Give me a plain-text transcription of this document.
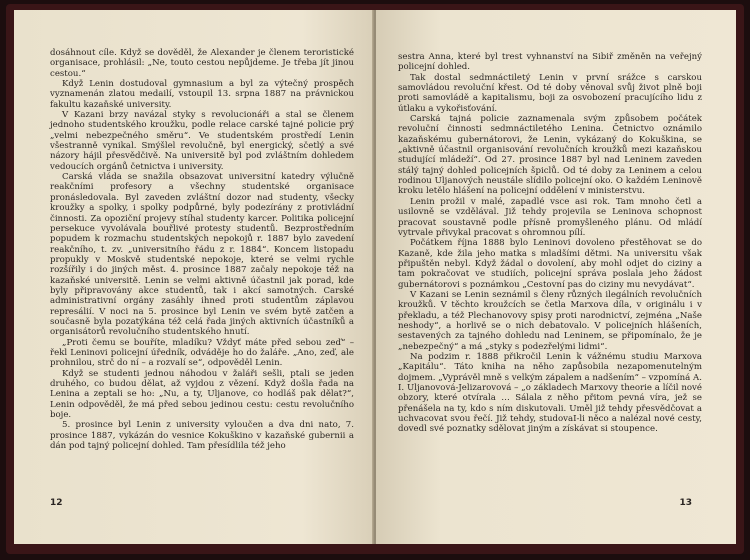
dosáhnout cíle. Když se dověděl, že Alexander je členem teroristické organisace, prohlásil: „Ne, touto cestou nepůjdeme. Je třeba jít jinou cestou.“

Když Lenin dostudoval gymnasium a byl za výtečný prospěch vyznamenán zlatou medailí, vstoupil 13. srpna 1887 na právnickou fakultu kazaňské university.

V Kazani brzy navázal styky s revolucionáři a stal se členem jednoho studentského kroužku, podle relace carské tajné policie prý „velmi nebezpečného směru“. Ve studentském prostředí Lenin všestranně vynikal. Smýšlel revolučně, byl energický, sčetlý a své názory hájil přesvědčivě. Na universitě byl pod zvláštním dohledem vedoucích orgánů četnictva i university.

Carská vláda se snažila obsazovat universitní katedry výlučně reakčními profesory a všechny studentské organisace pronásledovala. Byl zaveden zvláštní dozor nad studenty, všecky kroužky a spolky, i spolky podpůrné, byly podezírány z protivládní činnosti. Za opoziční projevy stíhal studenty karcer. Politika policejní persekuce vyvolávala bouřlivé protesty studentů. Bezprostředním popudem k rozmachu studentských nepokojů r. 1887 bylo zavedení reakčního, t. zv. „universitního řádu z r. 1884“. Koncem listopadu propukly v Moskvě studentské nepokoje, které se velmi rychle rozšířily i do jiných měst. 4. prosince 1887 začaly nepokoje též na kazaňské universitě. Lenin se velmi aktivně účastnil jak porad, kde byly připravovány akce studentů, tak i akcí samotných. Carské administrativní orgány zasáhly ihned proti studentům záplavou represálií. V noci na 5. prosince byl Lenin ve svém bytě zatčen a současně byla pozatýkána též celá řada jiných aktivních účastníků a organisátorů revolučního studentského hnutí.

„Proti čemu se bouříte, mladíku? Vždyť máte před sebou zeď“ – řekl Leninovi policejní úředník, odváděje ho do žaláře. „Ano, zeď, ale prohnilou, strč do ní – a rozvalí se“, odpověděl Lenin.

Když se studenti jednou náhodou v žaláři sešli, ptali se jeden druhého, co budou dělat, až vyjdou z vězení. Když došla řada na Lenina a zeptali se ho: „Nu, a ty, Uljanove, co hodláš pak dělat?“, Lenin odpověděl, že má před sebou jedinou cestu: cestu revolučního boje.

5. prosince byl Lenin z university vyloučen a dva dni nato, 7. prosince 1887, vykázán do vesnice Kokuškino v kazaňské gubernii a dán pod tajný policejní dohled. Tam přesídlila též jeho

12

sestra Anna, které byl trest vyhnanství na Sibiř změněn na veřejný policejní dohled.

Tak dostal sedmnáctiletý Lenin v první srážce s carskou samovládou revoluční křest. Od té doby věnoval svůj život plně boji proti samovládě a kapitalismu, boji za osvobození pracujícího lidu z útlaku a vykořisťování.

Carská tajná policie zaznamenala svým způsobem počátek revoluční činnosti sedmnáctiletého Lenina. Četnictvo oznámilo kazaňskému gubernátorovi, že Lenin, vykázaný do Kokuškina, se „aktivně účastnil organisování revolučních kroužků mezi kazaňskou studující mládeží“. Od 27. prosince 1887 byl nad Leninem zaveden stálý tajný dohled policejních špiclů. Od té doby za Leninem a celou rodinou Uljanových neustále slídilo policejní oko. O každém Leninově kroku letělo hlášení na policejní oddělení v ministerstvu.

Lenin prožil v malé, zapadlé vsce asi rok. Tam mnoho četl a usilovně se vzdělával. Již tehdy projevila se Leninova schopnost pracovat soustavně podle přísně promyšleného plánu. Od mládí vytrvale přivykal pracovat s ohromnou pílí.

Počátkem října 1888 bylo Leninovi dovoleno přestěhovat se do Kazaně, kde žila jeho matka s mladšími dětmi. Na universitu však připuštěn nebyl. Když žádal o dovolení, aby mohl odjet do ciziny a tam pokračovat ve studiích, policejní správa poslala jeho žádost gubernátorovi s poznámkou „Cestovní pas do ciziny mu nevydávat“.

V Kazani se Lenin seznámil s členy různých ilegálních revolučních kroužků. V těchto kroužcích se četla Marxova díla, v originálu i v překladu, a též Plechanovovy spisy proti narodnictví, zejména „Naše neshody“, a horlivě se o nich debatovalo. V policejních hlášeních, sestavených za tajného dohledu nad Leninem, se připomínalo, že je „nebezpečný“ a má „styky s podezřelými lidmi“.

Na podzim r. 1888 přikročil Lenin k vážnému studiu Marxova „Kapitálu“. Táto kniha na něho zapůsobila nezapomenutelným dojmem. „Vyprávěl mně s velkým zápalem a nadšením“ – vzpomíná A. I. Uljanovová-Jelizarovová – „o základech Marxovy theorie a líčil nové obzory, které otvírala … Sálala z něho přitom pevná víra, jež se přenášela na ty, kdo s ním diskutovali. Uměl již tehdy přesvědčovat a uchvacovat svou řečí. Již tehdy, studovaI-li něco a nalézal nové cesty, dovedl své poznatky sdělovat jiným a získávat si stoupence.

13
